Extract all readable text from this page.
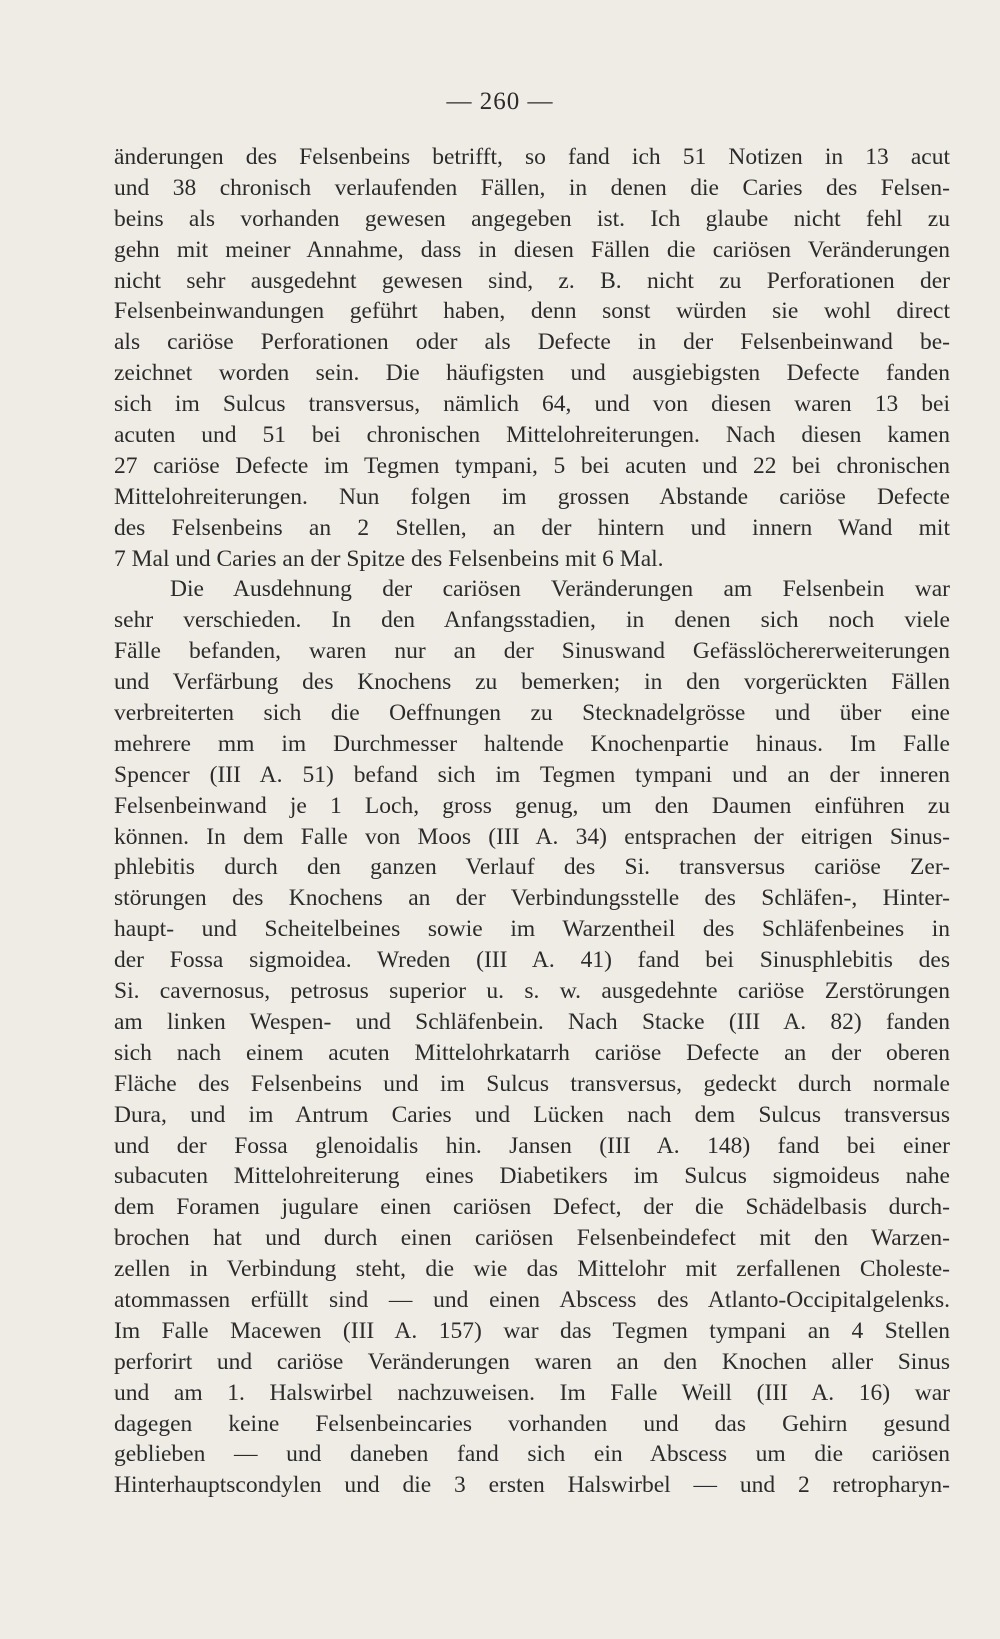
— 260 —
änderungen des Felsenbeins betrifft, so fand ich 51 Notizen in 13 acut
und 38 chronisch verlaufenden Fällen, in denen die Caries des Felsen-
beins als vorhanden gewesen angegeben ist. Ich glaube nicht fehl zu
gehn mit meiner Annahme, dass in diesen Fällen die cariösen Veränderungen
nicht sehr ausgedehnt gewesen sind, z. B. nicht zu Perforationen der
Felsenbeinwandungen geführt haben, denn sonst würden sie wohl direct
als cariöse Perforationen oder als Defecte in der Felsenbeinwand be-
zeichnet worden sein. Die häufigsten und ausgiebigsten Defecte fanden
sich im Sulcus transversus, nämlich 64, und von diesen waren 13 bei
acuten und 51 bei chronischen Mittelohreiterungen. Nach diesen kamen
27 cariöse Defecte im Tegmen tympani, 5 bei acuten und 22 bei chronischen
Mittelohreiterungen. Nun folgen im grossen Abstande cariöse Defecte
des Felsenbeins an 2 Stellen, an der hintern und innern Wand mit
7 Mal und Caries an der Spitze des Felsenbeins mit 6 Mal.
Die Ausdehnung der cariösen Veränderungen am Felsenbein war
sehr verschieden. In den Anfangsstadien, in denen sich noch viele
Fälle befanden, waren nur an der Sinuswand Gefässlöchererweiterungen
und Verfärbung des Knochens zu bemerken; in den vorgerückten Fällen
verbreiterten sich die Oeffnungen zu Stecknadelgrösse und über eine
mehrere mm im Durchmesser haltende Knochenpartie hinaus. Im Falle
Spencer (III A. 51) befand sich im Tegmen tympani und an der inneren
Felsenbeinwand je 1 Loch, gross genug, um den Daumen einführen zu
können. In dem Falle von Moos (III A. 34) entsprachen der eitrigen Sinus-
phlebitis durch den ganzen Verlauf des Si. transversus cariöse Zer-
störungen des Knochens an der Verbindungsstelle des Schläfen-, Hinter-
haupt- und Scheitelbeines sowie im Warzentheil des Schläfenbeines in
der Fossa sigmoidea. Wreden (III A. 41) fand bei Sinusphlebitis des
Si. cavernosus, petrosus superior u. s. w. ausgedehnte cariöse Zerstörungen
am linken Wespen- und Schläfenbein. Nach Stacke (III A. 82) fanden
sich nach einem acuten Mittelohrkatarrh cariöse Defecte an der oberen
Fläche des Felsenbeins und im Sulcus transversus, gedeckt durch normale
Dura, und im Antrum Caries und Lücken nach dem Sulcus transversus
und der Fossa glenoidalis hin. Jansen (III A. 148) fand bei einer
subacuten Mittelohreiterung eines Diabetikers im Sulcus sigmoideus nahe
dem Foramen jugulare einen cariösen Defect, der die Schädelbasis durch-
brochen hat und durch einen cariösen Felsenbeindefect mit den Warzen-
zellen in Verbindung steht, die wie das Mittelohr mit zerfallenen Choleste-
atommassen erfüllt sind — und einen Abscess des Atlanto-Occipitalgelenks.
Im Falle Macewen (III A. 157) war das Tegmen tympani an 4 Stellen
perforirt und cariöse Veränderungen waren an den Knochen aller Sinus
und am 1. Halswirbel nachzuweisen. Im Falle Weill (III A. 16) war
dagegen keine Felsenbeincaries vorhanden und das Gehirn gesund
geblieben — und daneben fand sich ein Abscess um die cariösen
Hinterhauptscondylen und die 3 ersten Halswirbel — und 2 retropharyn-
